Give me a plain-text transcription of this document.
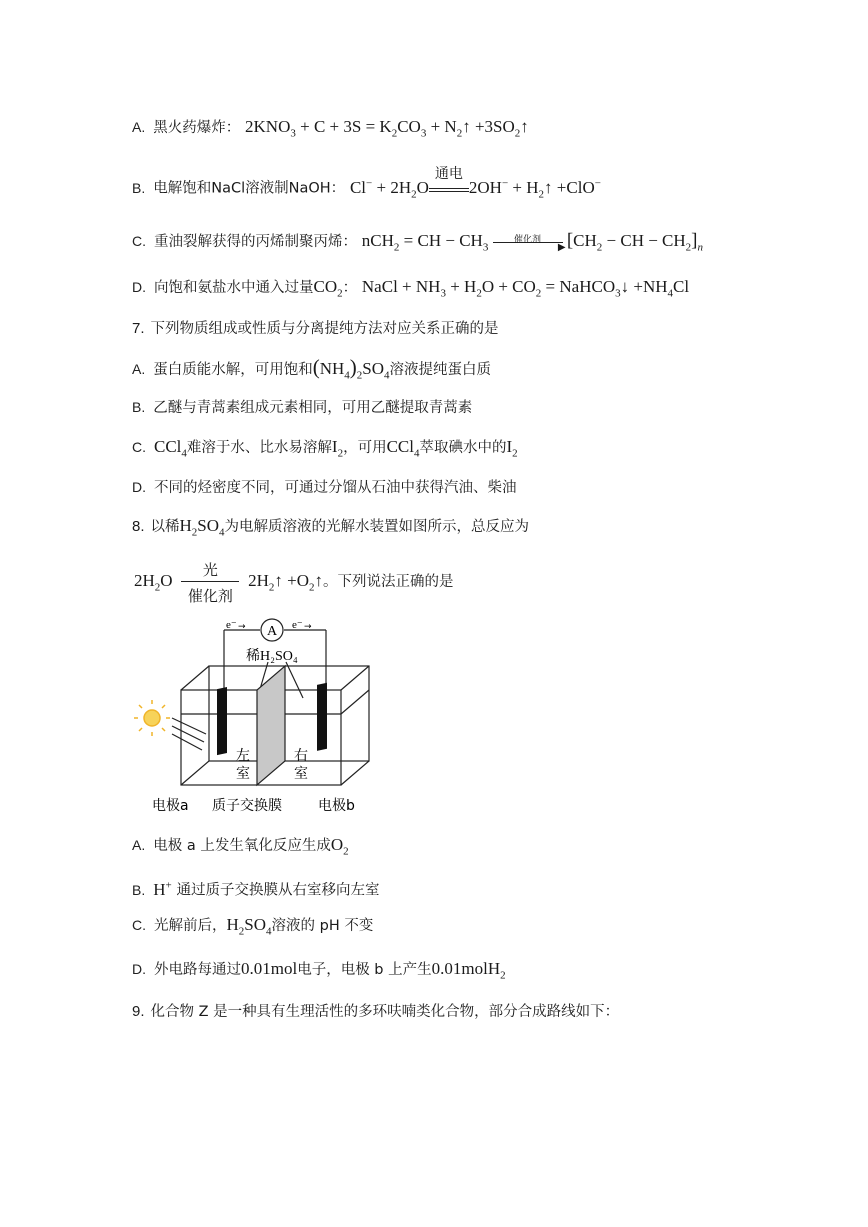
A. 黑火药爆炸： $2KNO_3 + C + 3S = K_2CO_3$ + $N_2↑$ $+3SO_2↑$
B. 电解饱和NaCl溶液制NaOH： $Cl^- + 2H_2O$
通电
$2OH^- + H_2↑ +ClO^-$
C. 重油裂解获得的丙烯制聚丙烯： nCH$_2$ = CH − $CH_3$
催化剂
▶ [$CH_2$ − CH − $CH_2]_n$
D. 向饱和氨盐水中通入过量$CO_2$： NaCl + $NH_3 + H_2O + CO_2$ = NaHCO$_3$↓ $+NH_4Cl$
7. 下列物质组成或性质与分离提纯方法对应关系正确的是
A. 蛋白质能水解，可用饱和$(NH_4)_2SO_4$溶液提纯蛋白质
B. 乙醚与青蒿素组成元素相同，可用乙醚提取青蒿素
C. CCl$_4$难溶于水、比水易溶解$I_2$，可用CCl$_4$萃取碘水中的$I_2$
D. 不同的烃密度不同，可通过分馏从石油中获得汽油、柴油
8. 以稀$H_2SO_4$为电解质溶液的光解水装置如图所示，总反应为
$2H_2O$
光
催化剂
$2H_2↑$ $+O_2↑$。下列说法正确的是
A
e⁻ →	e⁻ →
稀H₂SO₄
左
室
右
室
电极a 质子交换膜	电极b
A. 电极 a 上发生氧化反应生成$O_2$
B. H+ 通过质子交换膜从右室移向左室
C. 光解前后，$H_2SO_4$溶液的 pH 不变
D. 外电路每通过0.01mol电子，电极 b 上产生0.01molH$_2$
9. 化合物 Z 是一种具有生理活性的多环呋喃类化合物，部分合成路线如下：
